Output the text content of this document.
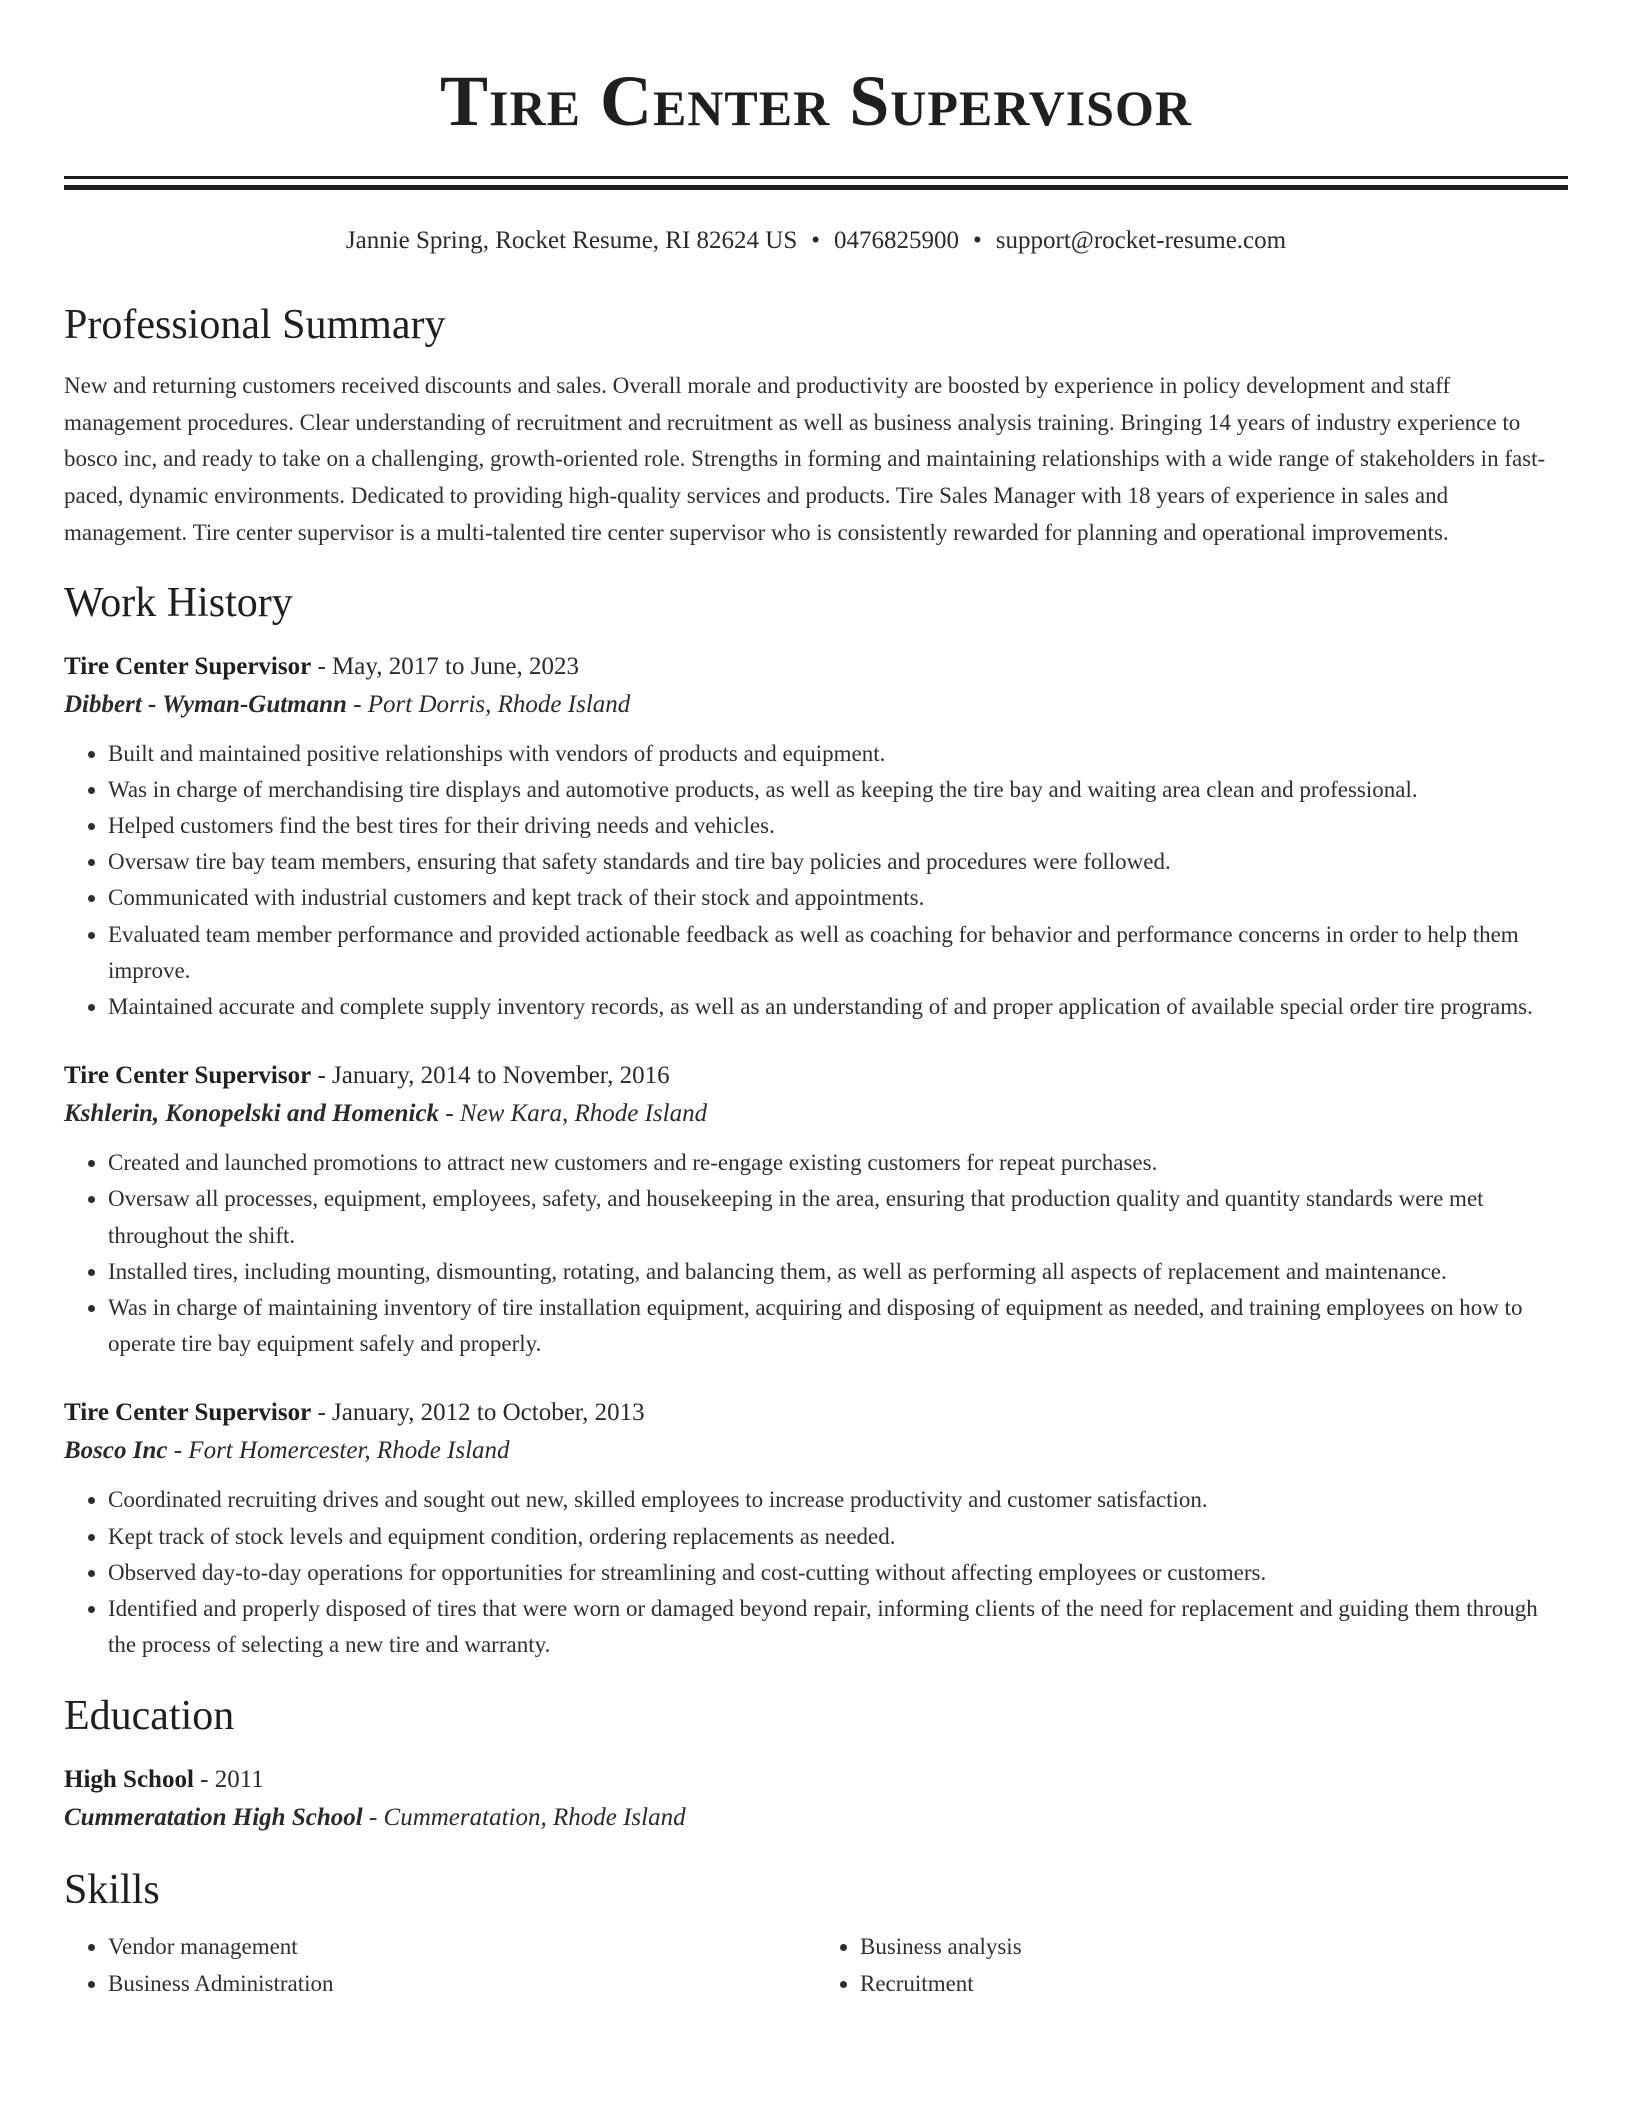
Tire Center Supervisor
Jannie Spring, Rocket Resume, RI 82624 US • 0476825900 • support@rocket-resume.com
Professional Summary

New and returning customers received discounts and sales. Overall morale and productivity are boosted by experience in policy development and staff management procedures. Clear understanding of recruitment and recruitment as well as business analysis training. Bringing 14 years of industry experience to bosco inc, and ready to take on a challenging, growth-oriented role. Strengths in forming and maintaining relationships with a wide range of stakeholders in fast-paced, dynamic environments. Dedicated to providing high-quality services and products. Tire Sales Manager with 18 years of experience in sales and management. Tire center supervisor is a multi-talented tire center supervisor who is consistently rewarded for planning and operational improvements.

Work History

Tire Center Supervisor - May, 2017 to June, 2023

Dibbert - Wyman-Gutmann - Port Dorris, Rhode Island

• Built and maintained positive relationships with vendors of products and equipment.
• Was in charge of merchandising tire displays and automotive products, as well as keeping the tire bay and waiting area clean and professional.
• Helped customers find the best tires for their driving needs and vehicles.
• Oversaw tire bay team members, ensuring that safety standards and tire bay policies and procedures were followed.
• Communicated with industrial customers and kept track of their stock and appointments.
• Evaluated team member performance and provided actionable feedback as well as coaching for behavior and performance concerns in order to help them improve.
• Maintained accurate and complete supply inventory records, as well as an understanding of and proper application of available special order tire programs.

Tire Center Supervisor - January, 2014 to November, 2016

Kshlerin, Konopelski and Homenick - New Kara, Rhode Island

• Created and launched promotions to attract new customers and re-engage existing customers for repeat purchases.
• Oversaw all processes, equipment, employees, safety, and housekeeping in the area, ensuring that production quality and quantity standards were met throughout the shift.
• Installed tires, including mounting, dismounting, rotating, and balancing them, as well as performing all aspects of replacement and maintenance.
• Was in charge of maintaining inventory of tire installation equipment, acquiring and disposing of equipment as needed, and training employees on how to operate tire bay equipment safely and properly.

Tire Center Supervisor - January, 2012 to October, 2013

Bosco Inc - Fort Homercester, Rhode Island

• Coordinated recruiting drives and sought out new, skilled employees to increase productivity and customer satisfaction.
• Kept track of stock levels and equipment condition, ordering replacements as needed.
• Observed day-to-day operations for opportunities for streamlining and cost-cutting without affecting employees or customers.
• Identified and properly disposed of tires that were worn or damaged beyond repair, informing clients of the need for replacement and guiding them through the process of selecting a new tire and warranty.
Education

High School - 2011

Cummeratation High School - Cummeratation, Rhode Island

Skills
• Vendor management
• Business Administration
• Business analysis
• Recruitment
